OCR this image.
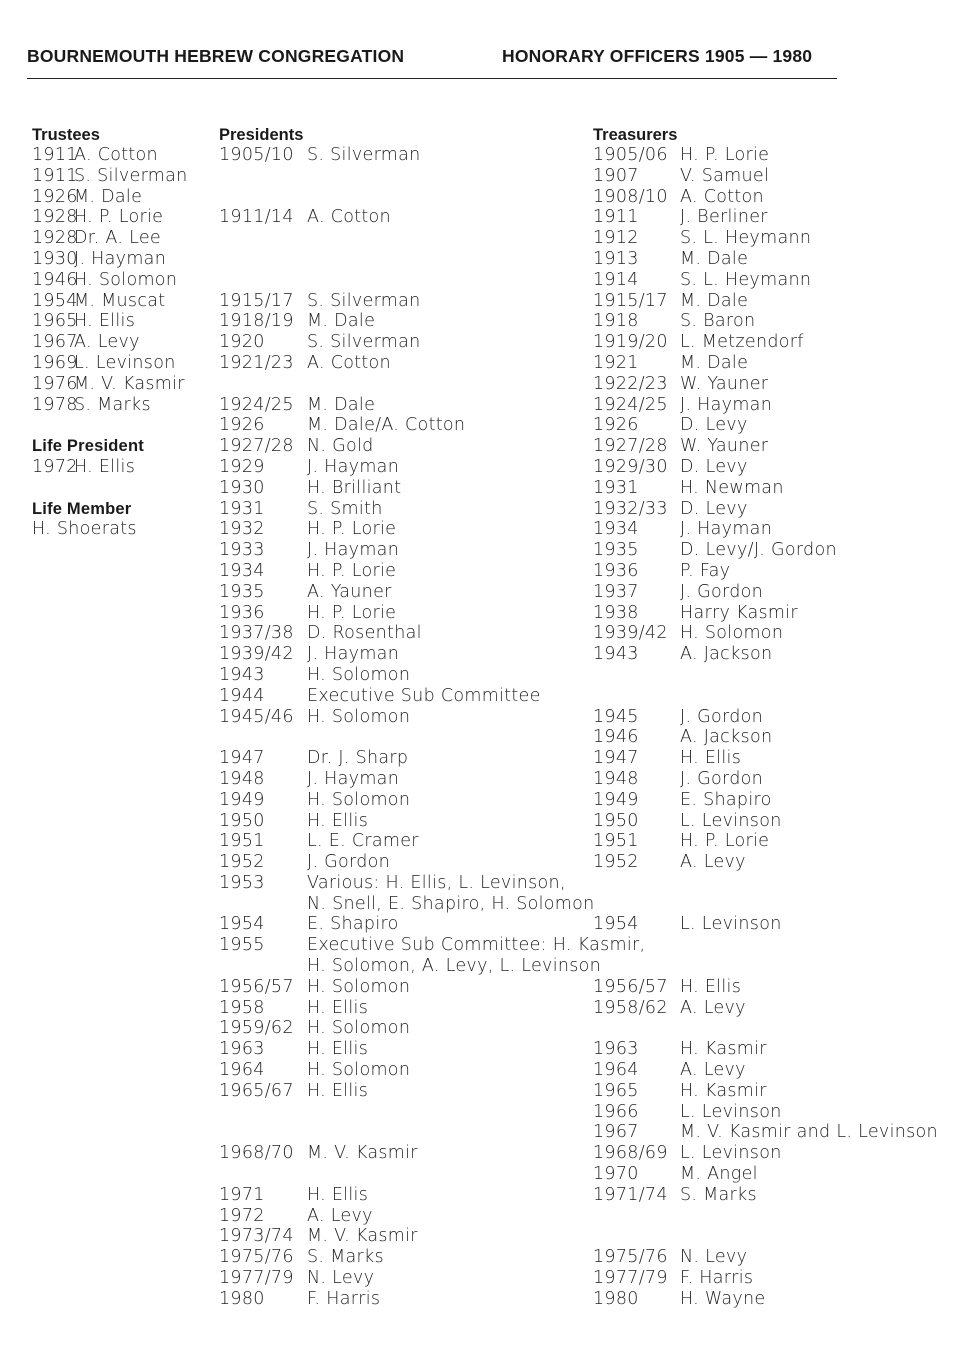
BOURNEMOUTH HEBREW CONGREGATION	HONORARY OFFICERS 1905 — 1980
Trustees
1911
A. Cotton
1911
S. Silverman
1926
M. Dale
1928
H. P. Lorie
1928
Dr. A. Lee
1930
J. Hayman
1946
H. Solomon
1954
M. Muscat
1965
H. Ellis
1967
A. Levy
1969
L. Levinson
1976
M. V. Kasmir
1978
S. Marks
Life President
1972
H. Ellis
Life Member
H. Shoerats
Presidents
1905/10 S. Silverman
1911/14 A. Cotton
1915/17 S. Silverman
1918/19 M. Dale
1920 S. Silverman
1921/23 A. Cotton
1924/25 M. Dale
1926 M. Dale/A. Cotton
1927/28 N. Gold
1929 J. Hayman
1930 H. Brilliant
1931 S. Smith
1932 H. P. Lorie
1933 J. Hayman
1934 H. P. Lorie
1935 A. Yauner
1936 H. P. Lorie
1937/38 D. Rosenthal
1939/42 J. Hayman
1943 H. Solomon
1944 Executive Sub Committee
1945/46 H. Solomon
1947 Dr. J. Sharp
1948 J. Hayman
1949 H. Solomon
1950 H. Ellis
1951 L. E. Cramer
1952 J. Gordon
1953 Various: H. Ellis, L. Levinson,
N. Snell, E. Shapiro, H. Solomon
1954 E. Shapiro
1955 Executive Sub Committee: H. Kasmir,
H. Solomon, A. Levy, L. Levinson
1956/57 H. Solomon
1958 H. Ellis
1959/62 H. Solomon
1963 H. Ellis
1964 H. Solomon
1965/67 H. Ellis
1968/70 M. V. Kasmir
1971 H. Ellis
1972 A. Levy
1973/74 M. V. Kasmir
1975/76 S. Marks
1977/79 N. Levy
1980 F. Harris
Treasurers
1905/06 H. P. Lorie
1907 V. Samuel
1908/10 A. Cotton
1911 J. Berliner
1912 S. L. Heymann
1913 M. Dale
1914 S. L. Heymann
1915/17 M. Dale
1918 S. Baron
1919/20 L. Metzendorf
1921 M. Dale
1922/23 W. Yauner
1924/25 J. Hayman
1926 D. Levy
1927/28 W. Yauner
1929/30 D. Levy
1931 H. Newman
1932/33 D. Levy
1934 J. Hayman
1935 D. Levy/J. Gordon
1936 P. Fay
1937 J. Gordon
1938 Harry Kasmir
1939/42 H. Solomon
1943 A. Jackson
1945 J. Gordon
1946 A. Jackson
1947 H. Ellis
1948 J. Gordon
1949 E. Shapiro
1950 L. Levinson
1951 H. P. Lorie
1952 A. Levy
1954 L. Levinson
1956/57 H. Ellis
1958/62 A. Levy
1963 H. Kasmir
1964 A. Levy
1965 H. Kasmir
1966 L. Levinson
1967 M. V. Kasmir and L. Levinson
1968/69 L. Levinson
1970 M. Angel
1971/74 S. Marks
1975/76 N. Levy
1977/79 F. Harris
1980 H. Wayne
